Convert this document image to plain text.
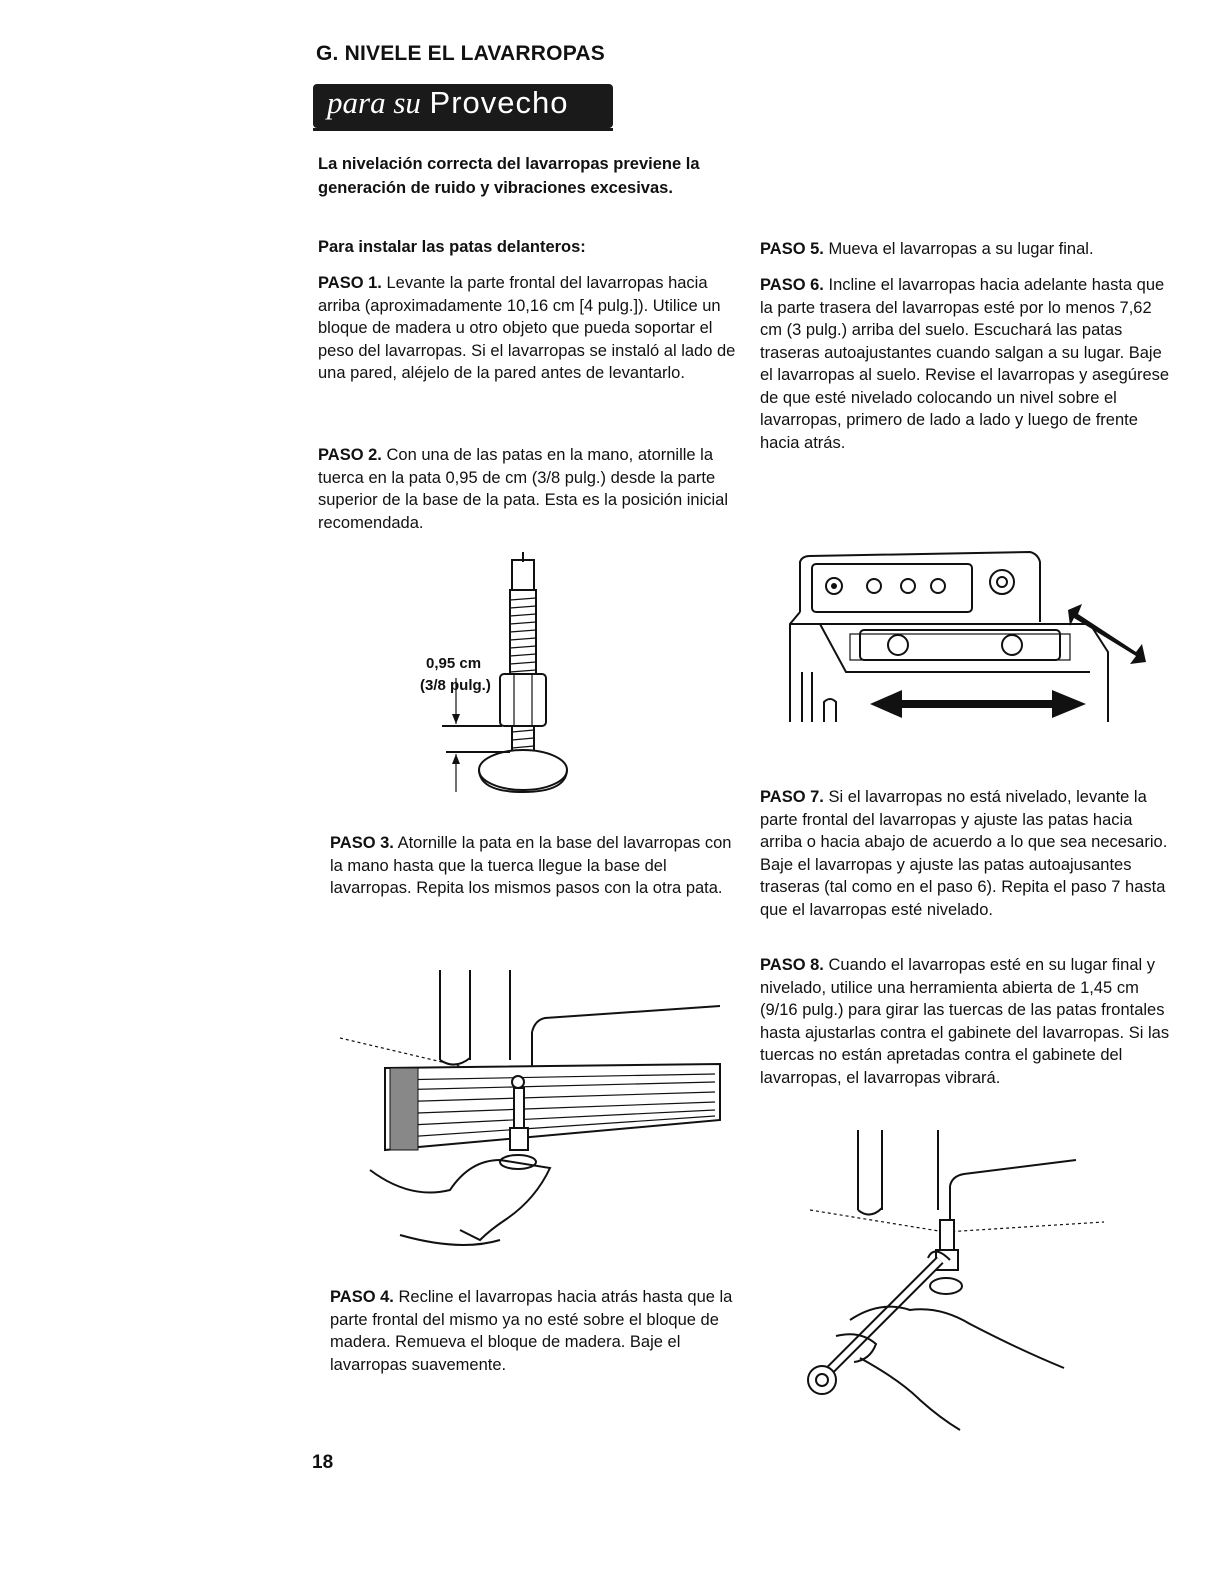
G. NIVELE EL LAVARROPAS
para su Provecho
La nivelación correcta del lavarropas previene la generación de ruido y vibraciones excesivas.
Para instalar las patas delanteros:
PASO 1. Levante la parte frontal del lavarropas hacia arriba (aproximadamente 10,16 cm [4 pulg.]). Utilice un bloque de madera u otro objeto que pueda soportar el peso del lavarropas. Si el lavarropas se instaló al lado de una pared, aléjelo de la pared antes de levantarlo.
PASO 2. Con una de las patas en la mano, atornille la tuerca en la pata 0,95 de cm (3/8 pulg.) desde la parte superior de la base de la pata. Esta es la posición inicial recomendada.
0,95 cm
(3/8 pulg.)
PASO 3. Atornille la pata en la base del lavarropas con la mano hasta que la tuerca llegue la base del lavarropas. Repita los mismos pasos con la otra pata.
PASO 4. Recline el lavarropas hacia atrás hasta que la parte frontal del mismo ya no esté sobre el bloque de madera. Remueva el bloque de madera. Baje el lavarropas suavemente.
18
PASO 5. Mueva el lavarropas a su lugar final.
PASO 6. Incline el lavarropas hacia adelante hasta que la parte trasera del lavarropas esté por lo menos 7,62 cm (3 pulg.) arriba del suelo. Escuchará las patas traseras autoajustantes cuando salgan a su lugar. Baje el lavarropas al suelo. Revise el lavarropas y asegúrese de que esté nivelado colocando un nivel sobre el lavarropas, primero de lado a lado y luego de frente hacia atrás.
PASO 7. Si el lavarropas no está nivelado, levante la parte frontal del lavarropas y ajuste las patas hacia arriba o hacia abajo de acuerdo a lo que sea necesario. Baje el lavarropas y ajuste las patas autoajusantes traseras (tal como en el paso 6). Repita el paso 7 hasta que el lavarropas esté nivelado.
PASO 8. Cuando el lavarropas esté en su lugar final y nivelado, utilice una herramienta abierta de 1,45 cm (9/16 pulg.) para girar las tuercas de las patas frontales hasta ajustarlas contra el gabinete del lavarropas. Si las tuercas no están apretadas contra el gabinete del lavarropas, el lavarropas vibrará.
